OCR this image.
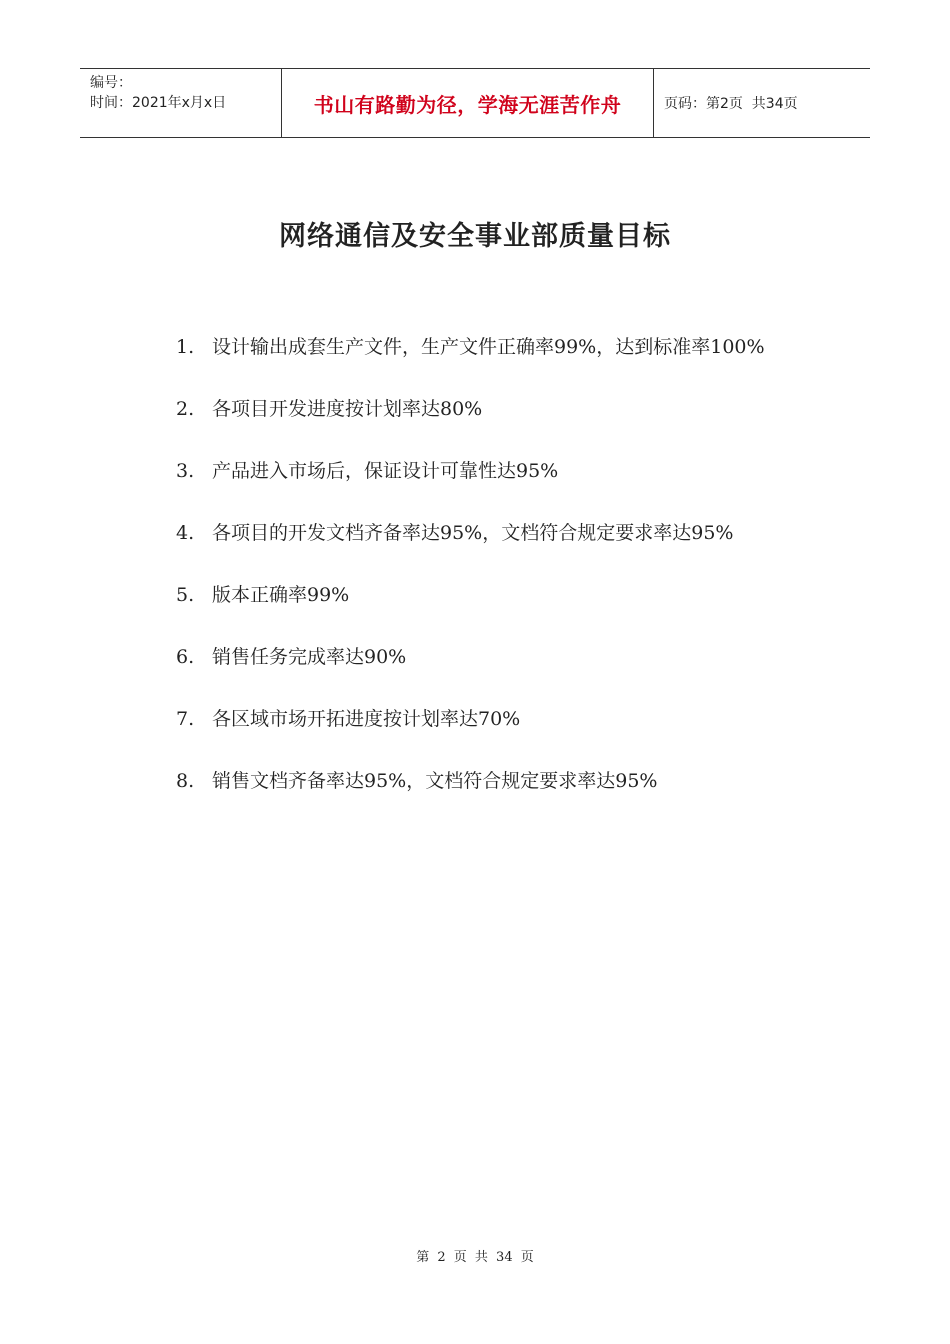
编号：
时间：2021年x月x日	书山有路勤为径，学海无涯苦作舟	页码：第2页  共34页
网络通信及安全事业部质量目标
1. 设计输出成套生产文件，生产文件正确率99%，达到标准率100%
2. 各项目开发进度按计划率达80%
3. 产品进入市场后，保证设计可靠性达95%
4. 各项目的开发文档齐备率达95%，文档符合规定要求率达95%
5. 版本正确率99%
6. 销售任务完成率达90%
7. 各区域市场开拓进度按计划率达70%
8. 销售文档齐备率达95%，文档符合规定要求率达95%
第 2 页 共 34 页
